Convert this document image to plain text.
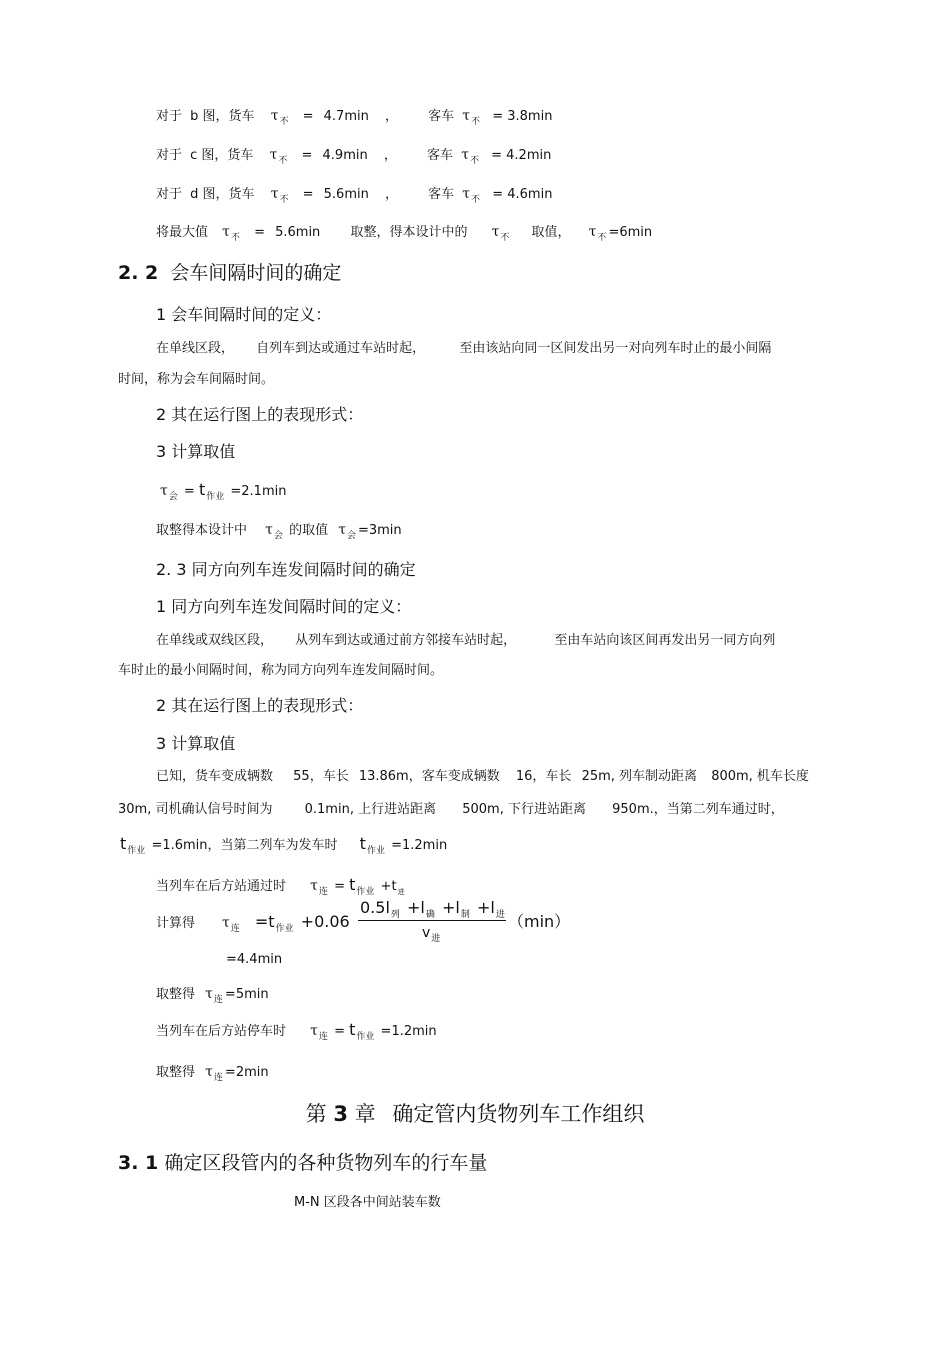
对于 b 图，货车 $\tau_不 = 4.7\min$ ， 客车 $\tau_不 = 3.8\min$
对于 c 图，货车 $\tau_不 = 4.9\min$ ， 客车 $\tau_不 = 4.2\min$
对于 d 图，货车 $\tau_不 = 5.6\min$ ， 客车 $\tau_不 = 4.6\min$
将最大值 $\tau_不 = 5.6\min$ 取整，得本设计中的 $\tau_不$ 取值， $\tau_不 =6\min$
2. 2 会车间隔时间的确定
1 会车间隔时间的定义：
在单线区段， 自列车到达或通过车站时起，	至由该站向同一区间发出另一对向列车时止的最小间隔
时间，称为会车间隔时间。
2 其在运行图上的表现形式：
3 计算取值
$\tau_会 = t_{作业} =2.1\min$
取整得本设计中 $\tau_会$ 的取值 $\tau_会 =3\min$
2. 3 同方向列车连发间隔时间的确定
1 同方向列车连发间隔时间的定义：
在单线或双线区段， 从列车到达或通过前方邻接车站时起，	至由车站向该区间再发出另一同方向列
车时止的最小间隔时间，称为同方向列车连发间隔时间。
2 其在运行图上的表现形式：
3 计算取值
已知，货车变成辆数 55，车长 13.86m，客车变成辆数 16，车长 25m, 列车制动距离 800m, 机车长度
30m, 司机确认信号时间为 0.1min, 上行进站距离 500m, 下行进站距离 950m.，当第二列车通过时，
$t_{作业} =1.6\min$，当第二列车为发车时 $t_{作业} =1.2\min$
当列车在后方站通过时 $\tau_连 = t_{作业} +t_进$
计算得 $\tau_连 =t_{作业} +0.06$
$0.5l_列 +l_确 +l_制 +l_进$
$v_进$
（min）
=4.4min
取整得 $\tau_连 =5\min$
当列车在后方站停车时 $\tau_连 = t_{作业} =1.2\min$
取整得 $\tau_连 =2\min$
第 3 章 确定管内货物列车工作组织
3. 1 确定区段管内的各种货物列车的行车量
M-N 区段各中间站装车数
